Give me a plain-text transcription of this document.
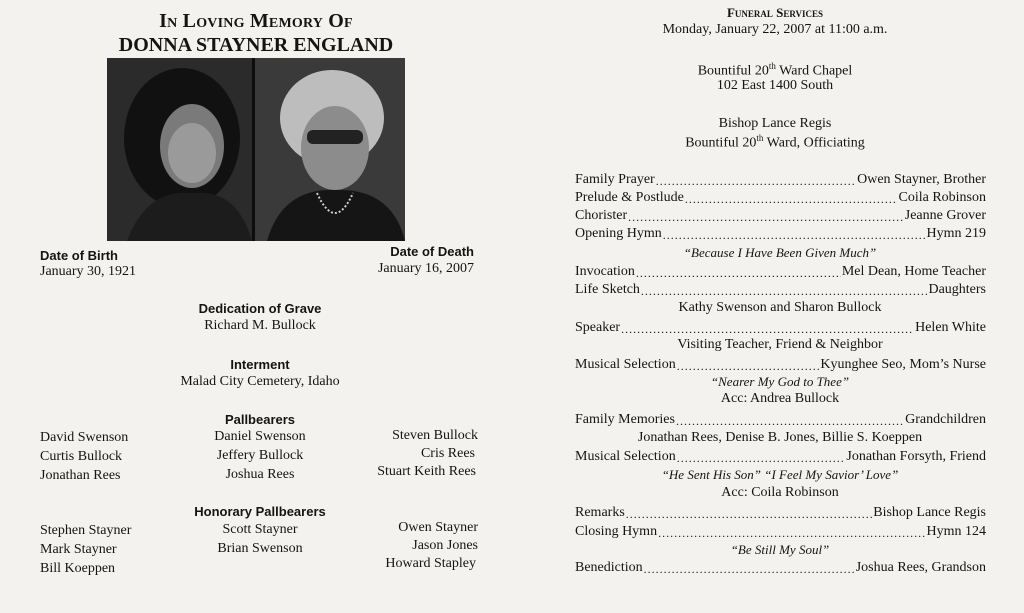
In Loving Memory Of
DONNA STAYNER ENGLAND
Date of Birth
January 30, 1921
Date of Death
January 16, 2007
Dedication of Grave
Richard M. Bullock
Interment
Malad City Cemetery, Idaho
Pallbearers
David Swenson
Curtis Bullock
Jonathan Rees
Daniel Swenson
Jeffery Bullock
Joshua Rees
Steven Bullock
Cris Rees
Stuart Keith Rees
Honorary Pallbearers
Stephen Stayner
Mark Stayner
Bill Koeppen
Scott Stayner
Brian Swenson
Owen Stayner
Jason Jones
Howard Stapley
Funeral Services
Monday, January 22, 2007 at 11:00 a.m.
Bountiful 20th Ward Chapel
102 East 1400 South
Bishop Lance Regis
Bountiful 20th Ward, Officiating
Family Prayer .....	Owen Stayner, Brother
Prelude & Postlude .....	Coila Robinson
Chorister .....	Jeanne Grover
Opening Hymn .....	Hymn 219
“Because I Have Been Given Much”
Invocation .....	Mel Dean, Home Teacher
Life Sketch .....	Daughters
Kathy Swenson and Sharon Bullock
Speaker .....	Helen White
Visiting Teacher, Friend & Neighbor
Musical Selection .....	Kyunghee Seo, Mom’s Nurse
“Nearer My God to Thee”
Acc: Andrea Bullock
Family Memories .....	Grandchildren
Jonathan Rees, Denise B. Jones, Billie S. Koeppen
Musical Selection .....	Jonathan Forsyth, Friend
“He Sent His Son” “I Feel My Savior’ Love”
Acc: Coila Robinson
Remarks .....	Bishop Lance Regis
Closing Hymn .....	Hymn 124
“Be Still My Soul”
Benediction .....	Joshua Rees, Grandson
